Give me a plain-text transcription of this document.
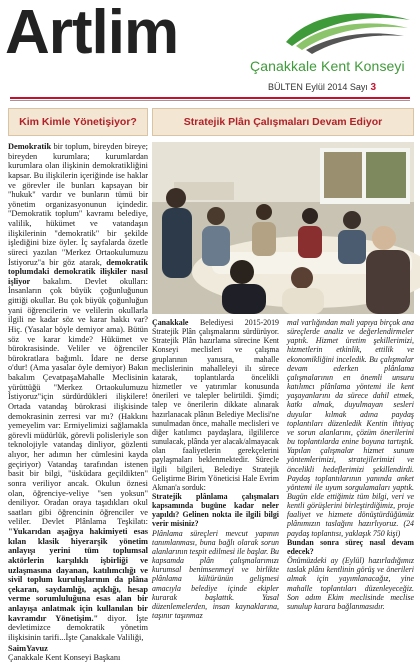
Artlim	Çanakkale Kent Konseyi
BÜLTEN Eylül 2014 Sayı 3
Kim Kimle Yönetişiyor?
Demokratik bir toplum, bireyden bireye; bireyden kurumlara; kurumlardan kurumlara olan ilişkinin demokratikliğini kapsar. Bu ilişkilerin içeriğinde ise haklar ve görevler ile bunları kapsayan bir "hukuk" vardır ve bunların tümü bir yönetim organizasyonunun içindedir. "Demokratik toplum" kavramı belediye, valilik, hükümet ve vatandaşın ilişkilerinin "demokratik" bir şekilde işlediğini bize öyler. İç sayfalarda özetle süreci yazılan "Merkez Ortaokulumuzu İstiyoruz"a bir göz atarak, demokratik toplumdaki demokratik ilişkiler nasıl işliyor bakalım. Devlet okulları: İnsanların çok büyük çoğunluğunun gittiği okullar. Bu çok büyük çoğunluğun yani öğrencilerin ve velilerin okullarla ilgili ne kadar söz ve karar hakkı var? Hiç. (Yasalar böyle demiyor ama). Bütün söz ve karar kimde? Hükümet ve bürokrasisinde. Veliler ve öğrenciler bürokratlara bağımlı. İdare ne derse o'dur! (Ama yasalar öyle demiyor) Bakın bakalım ÇevatpaşaMahalle Meclisinin yürüttüğü "Merkez Ortaokulumuzu İstiyoruz"için sürdürdükleri ilişkilere! Ortada vatandaş bürokrasi ilişkisinde demokrasinin zerresi var mı? (Hakkını yemeyelim var: Ermiyelimizi sağlamakla görevli müdürlük, görevli polisleriyle son teknolojiyle vatandaş dinliyor, gözlenti alıyor, her adımın her cümlesini kayda geçiriyor) Vatandaş tarafından istenen basit bir bilgi, "üsküdara geçildikten" sonra veriliyor ancak. Okulun öznesi olan, öğrenciye-veliye "sen yoksun" deniliyor. Oradan oraya taşıdıkları okul saatları gibi öğrencinin öğrenciler ve veliler. Devlet Plânlama Teşkilatı: "Yukarıdan aşağıya hakimiyeti esas kılan klasik hiyerarşik yönetim anlayışı yerini tüm toplumsal aktörlerin karşılıklı işbirliği ve uzlaşmasına dayanan, katılımcılığı ve sivil toplum kuruluşlarının da plâna çekaran, saydamlığı, açıklığı, hesap verme sorumluluğuna esas alan bir anlayışa anlatmak için kullanılan bir kavramdır Yönetişim." diyor. İşte devletimizce demokratik yönetim ilişkisinin tarifi...İşte Çanakkale Valiliği,
SaimYavuz
Çanakkale Kent Konseyi Başkanı
Stratejik Plân Çalışmaları Devam Ediyor
Çanakkale Belediyesi 2015-2019 Stratejik Plân çalışmalarını sürdürüyor. Stratejik Plân hazırlama sürecine Kent Konseyi meclisleri ve çalışma gruplarının yanısıra, mahalle meclislerinin mahalleleyi ilı sürece katarak, toplantılarda öncelikli hizmetler ve yatırımlar konusunda önerileri ve talepler belirtildi. Şimdi; talep ve önerilerin dikkate alınarak hazırlanacak plânın Belediye Meclisi'ne sunulmadan önce, mahalle meclisleri ve diğer katılımcı paydaşlara, ilgililerce sunulacak, plânda yer alacak/almayacak olan faaliyetlerin gerekçelerini paylaşmaları beklenmektedir. Sürecle ilgili bilgileri, Belediye Stratejik Geliştirme Birim Yöneticisi Hale Evrim Akman'a sorduk:
Stratejik plânlama çalışmaları kapsamında bugüne kadar neler yapıldı? Gelinen nokta ile ilgili bilgi verir misiniz?
Plânlama süreçleri mevcut yapının tanımlanması, buna bağlı olarak sorun alanlarının tespit edilmesi ile başlar. Bu kapsamda plân çalışmalarımızı kurumsal benimsenmeyi ve birlikte plânlama kültürünün gelişmesi amacıyla belediye içinde ekipler kurarak başlattık. Yasal düzenlemelerden, insan kaynaklarına, taşınır taşınmaz
mal varlığından mali yapıya birçok ana süreçlerde analiz ve değerlendirmeler yaptık. Hizmet üretim şekillerimizi, hizmetlerin etkinlik, ettilik ve ekonomikliğini inceledik. Bu çalışmalar devam ederken plânlama çalışmalarının en önemli unsuru katılımcı plânlama yöntemi ile kent yaşayanlarını da sürece dahil etmek, katkı almak, duyulmayan sesleri duyular kılmak adına paydaş toplantıları düzenledik Kentin ihtiyaç ve sorun alanlarını, çözüm önerilerini bu toplantılarda enine boyuna tartıştık. Yapılan çalışmalar hizmet sunum yöntemlerimizi, stratejilerimizi ve öncelikli hedeflerimizi şekillendirdi. Paydaş toplantılarının yanında anket yöntemi ile uyum sorgulamaları yaptık. Bugün elde ettiğimiz tüm bilgi, veri ve kentli görüşlerini birleştirdiğimiz, proje faaliyet ve hizmete dönüştürdüğümüz plânımızın taslağını hazırlıyoruz. (24 paydaş toplantısı, yaklaşık 750 kişi)
Bundan sonra süreç nasıl devam edecek?
Önümüzdeki ay (Eylül) hazırladığımız taslak plânı kentlinin görüş ve önerileri almak için yayımlanacağız, yine mahalle toplantıları düzenleyeceğiz. Son adım Ekim meclisinde meclise sunulup karara bağlanmasıdır.
